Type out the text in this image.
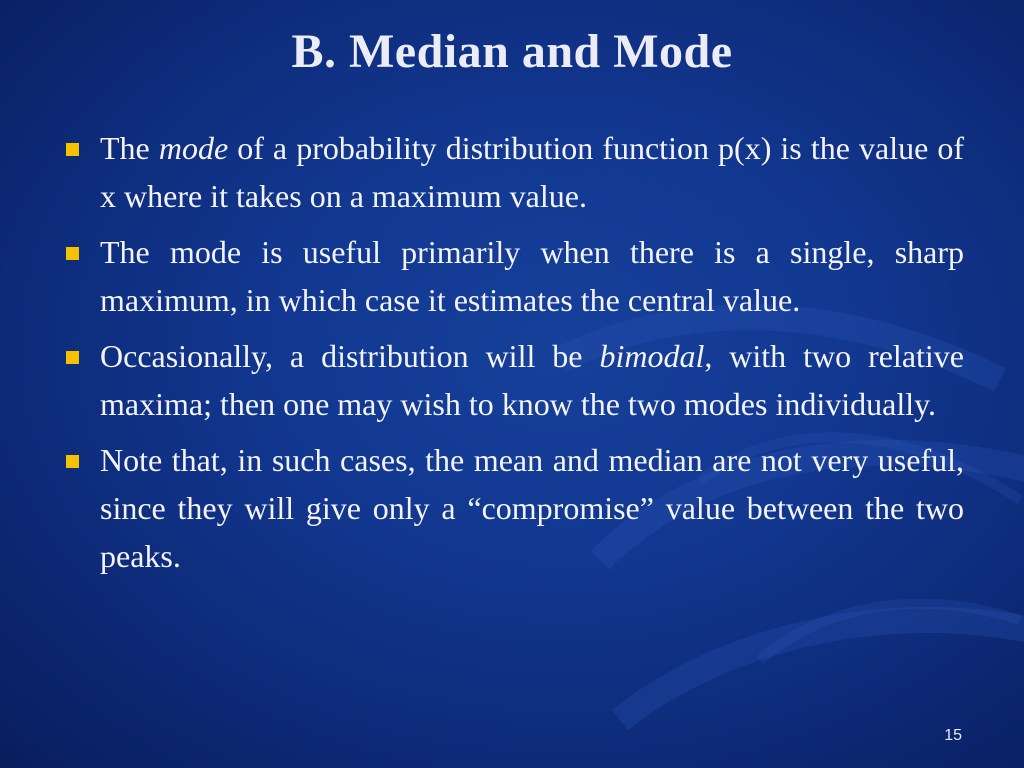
B. Median and Mode
The mode of a probability distribution function p(x) is the value of x where it takes on a maximum value.
The mode is useful primarily when there is a single, sharp maximum, in which case it estimates the central value.
Occasionally, a distribution will be bimodal, with two relative maxima; then one may wish to know the two modes individually.
Note that, in such cases, the mean and median are not very useful, since they will give only a “compromise” value between the two peaks.
15
